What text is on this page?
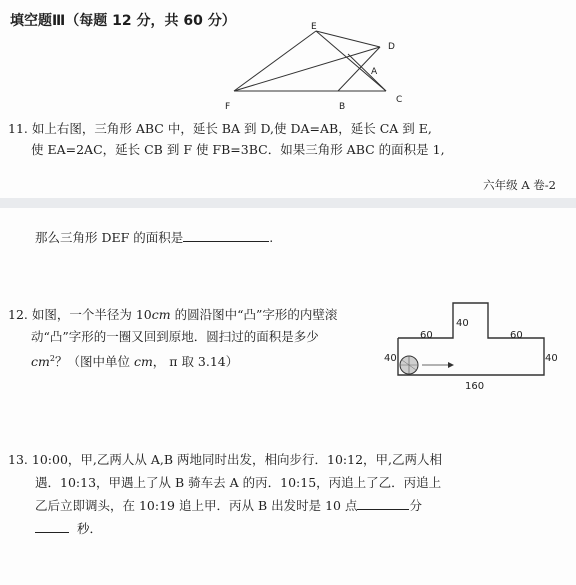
填空题Ⅲ（每题 12 分，共 60 分）	E
D
A
F	B
C
11. 如上右图，三角形 ABC 中，延长 BA 到 D,使 DA=AB，延长 CA 到 E,
使 EA=2AC，延长 CB 到 F 使 FB=3BC．如果三角形 ABC 的面积是 1,
六年级 A 卷-2
那么三角形 DEF 的面积是	.
12. 如图，一个半径为 10cm 的圆沿图中“凸”字形的内壁滚
动“凸”字形的一圈又回到原地．圆扫过的面积是多少
$cm^2$？（图中单位 cm， π 取 3.14）
40
60	60
40	40
160
13. 10:00，甲,乙两人从 A,B 两地同时出发，相向步行．10:12，甲,乙两人相
遇．10:13，甲遇上了从 B 骑车去 A 的丙．10:15，丙追上了乙．丙追上
乙后立即调头，在 10:19 追上甲．丙从 B 出发时是 10 点	分
秒．
